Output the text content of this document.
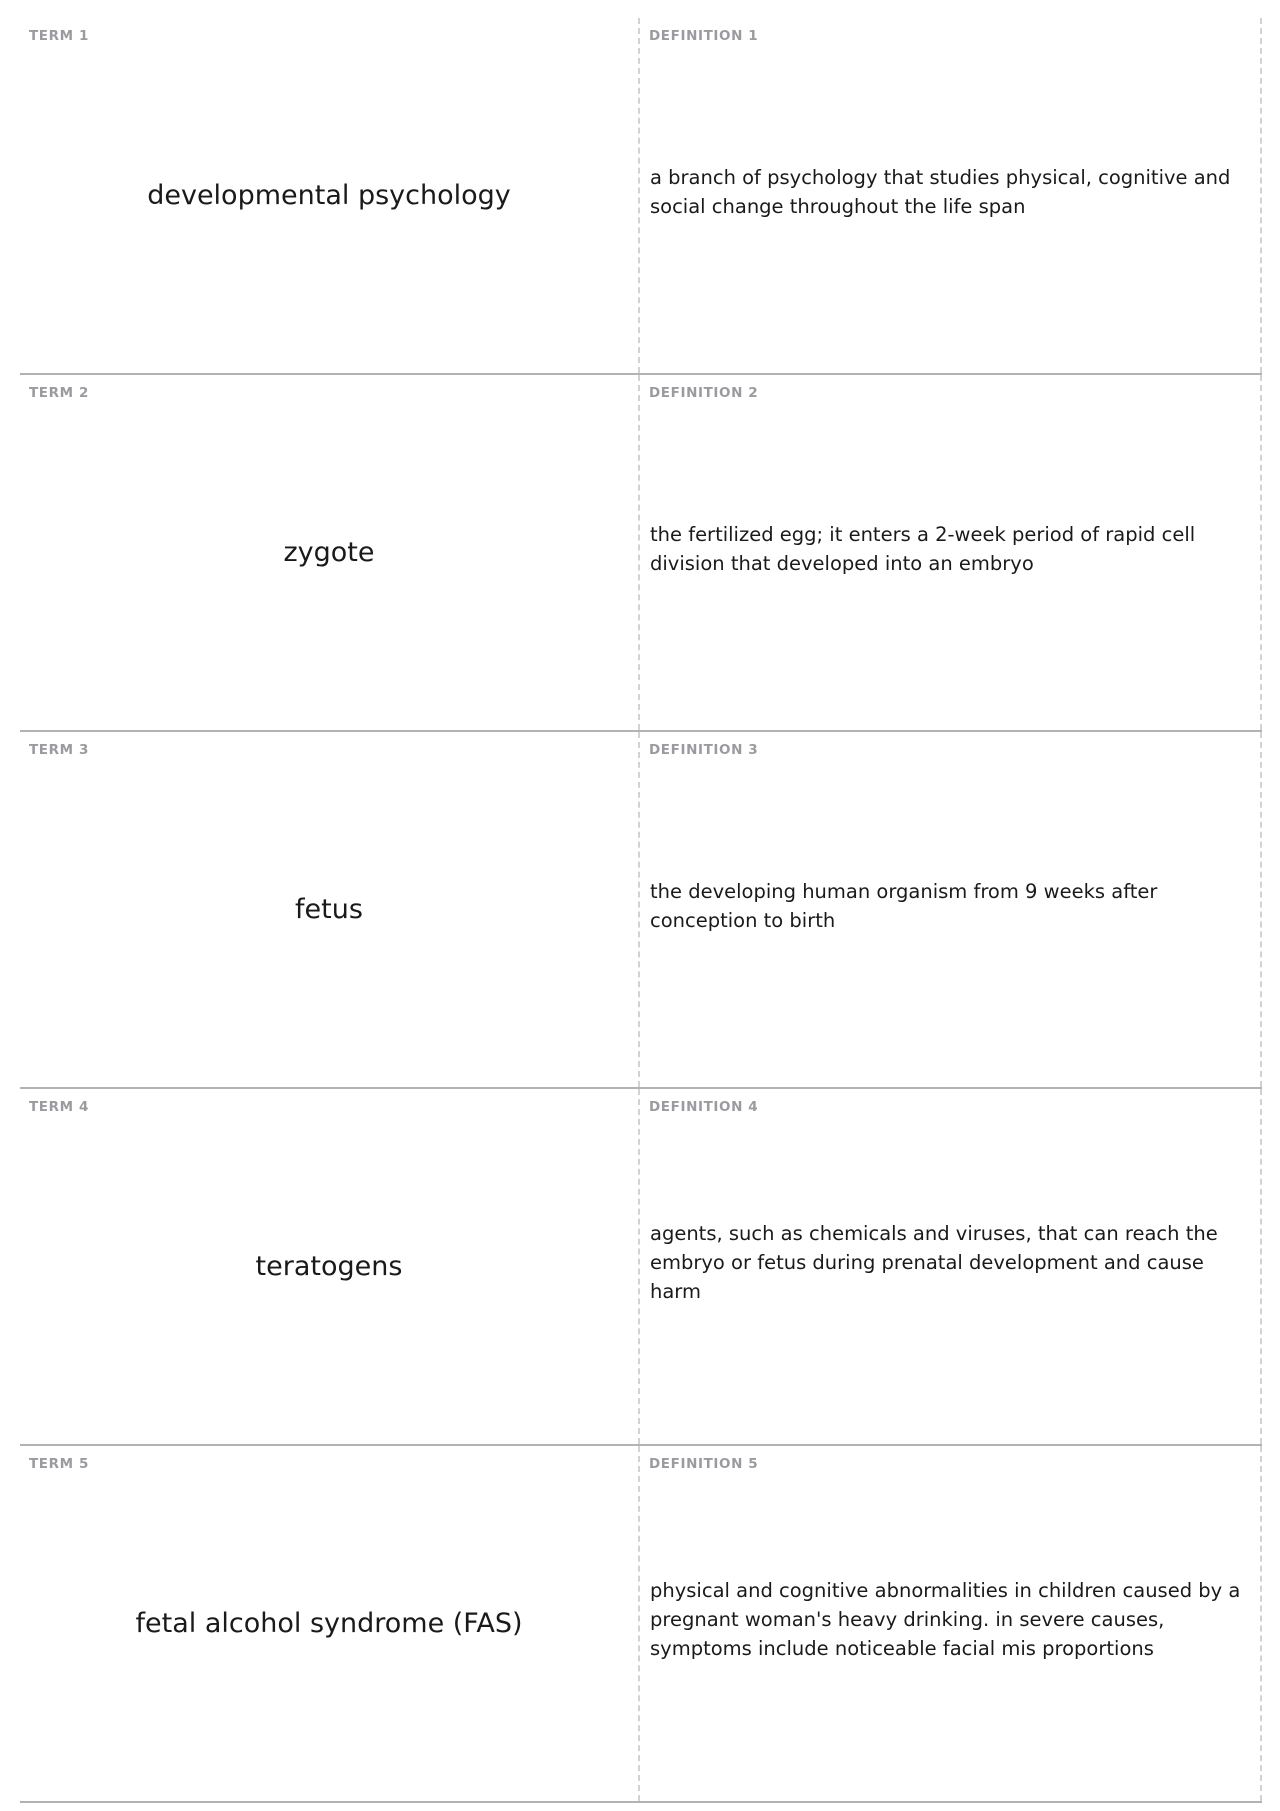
TERM 1
developmental psychology
DEFINITION 1
a branch of psychology that studies physical, cognitive and social change throughout the life span
TERM 2
zygote
DEFINITION 2
the fertilized egg; it enters a 2-week period of rapid cell division that developed into an embryo
TERM 3
fetus
DEFINITION 3
the developing human organism from 9 weeks after conception to birth
TERM 4
teratogens
DEFINITION 4
agents, such as chemicals and viruses, that can reach the embryo or fetus during prenatal development and cause harm
TERM 5
fetal alcohol syndrome (FAS)
DEFINITION 5
physical and cognitive abnormalities in children caused by a pregnant woman's heavy drinking. in severe causes, symptoms include noticeable facial mis proportions
